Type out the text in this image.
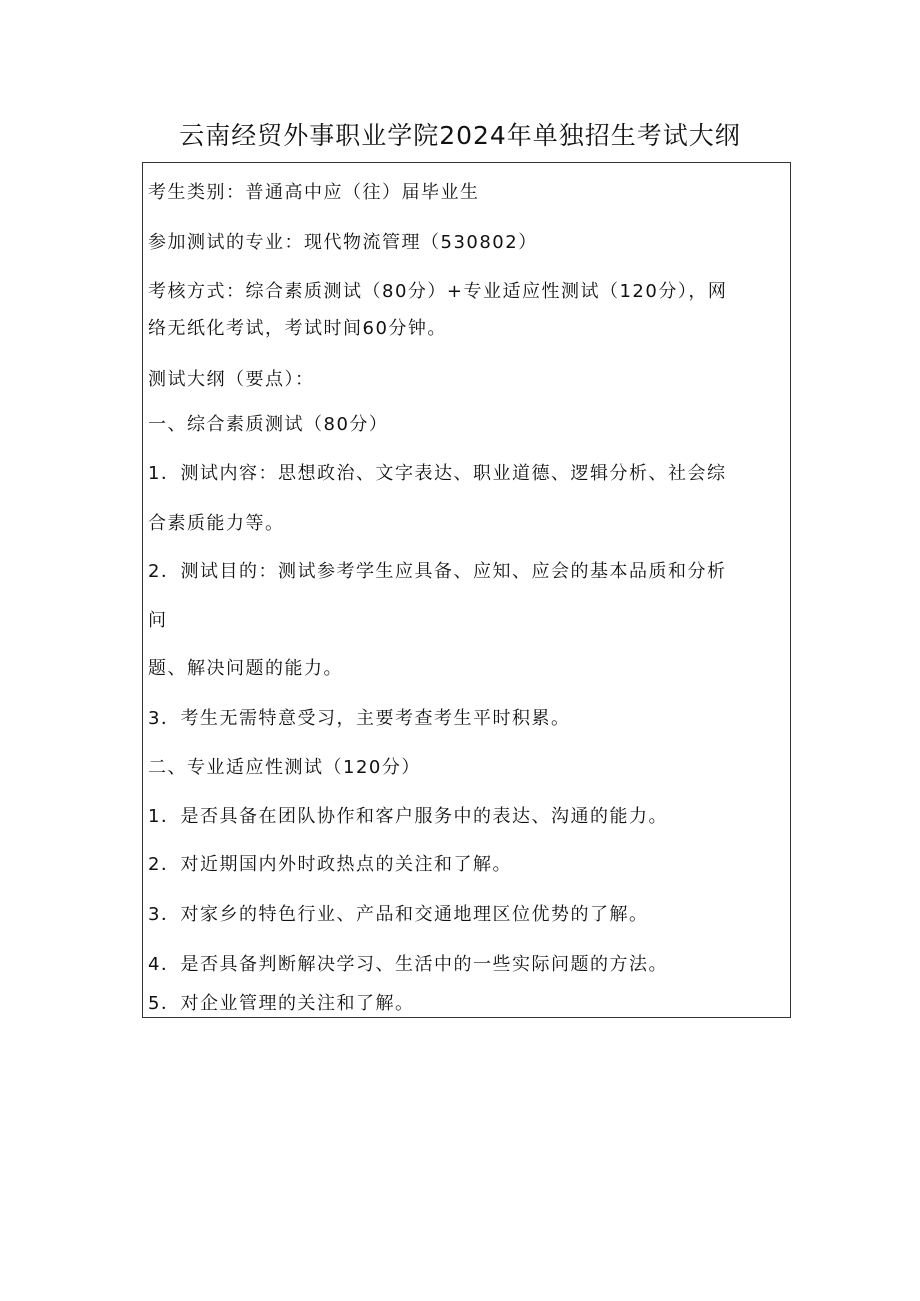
云南经贸外事职业学院2024年单独招生考试大纲
考生类别：普通高中应（往）届毕业生
参加测试的专业：现代物流管理（530802）
考核方式：综合素质测试（80分）+专业适应性测试（120分），网
络无纸化考试，考试时间60分钟。
测试大纲（要点）：
一、综合素质测试（80分）
1．测试内容：思想政治、文字表达、职业道德、逻辑分析、社会综
合素质能力等。
2．测试目的：测试参考学生应具备、应知、应会的基本品质和分析
问
题、解决问题的能力。
3．考生无需特意受习，主要考查考生平时积累。
二、专业适应性测试（120分）
1．是否具备在团队协作和客户服务中的表达、沟通的能力。
2．对近期国内外时政热点的关注和了解。
3．对家乡的特色行业、产品和交通地理区位优势的了解。
4．是否具备判断解决学习、生活中的一些实际问题的方法。
5．对企业管理的关注和了解。
